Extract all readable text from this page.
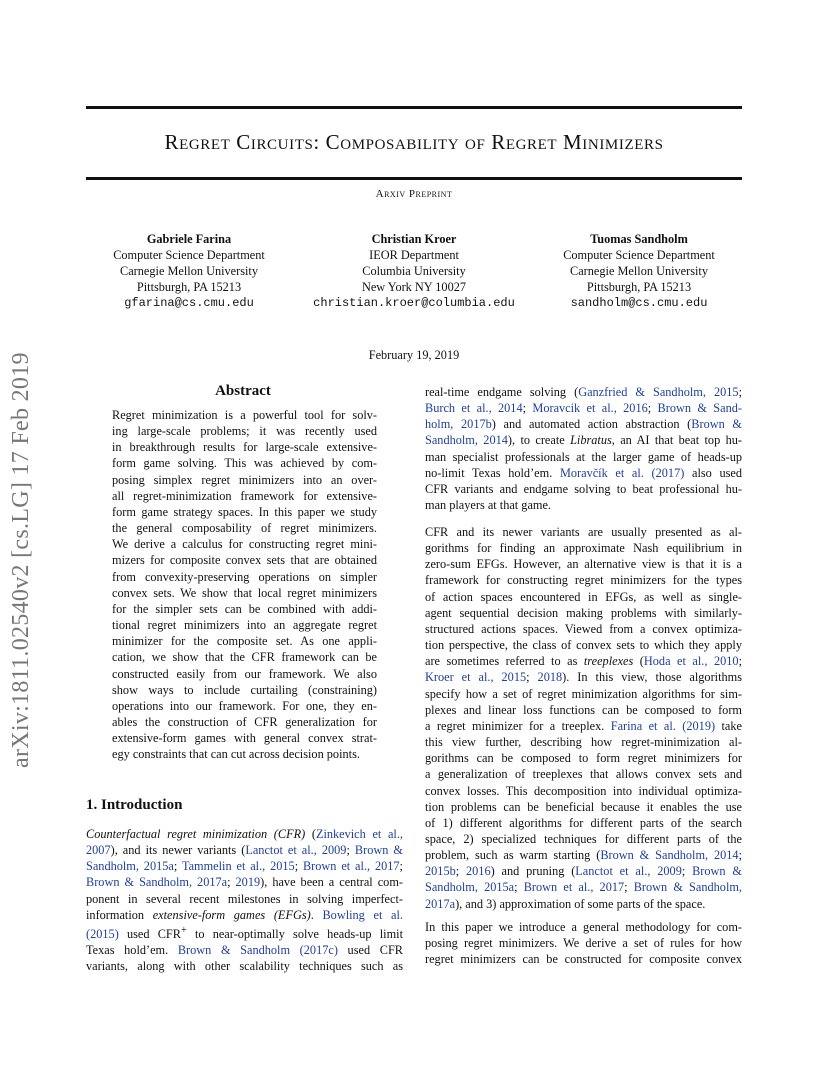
Regret Circuits: Composability of Regret Minimizers
Arxiv Preprint
Gabriele Farina
Computer Science Department
Carnegie Mellon University
Pittsburgh, PA 15213
gfarina@cs.cmu.edu
Christian Kroer
IEOR Department
Columbia University
New York NY 10027
christian.kroer@columbia.edu
Tuomas Sandholm
Computer Science Department
Carnegie Mellon University
Pittsburgh, PA 15213
sandholm@cs.cmu.edu
February 19, 2019
arXiv:1811.02540v2 [cs.LG] 17 Feb 2019	Abstract
Regret minimization is a powerful tool for solv-
ing large-scale problems; it was recently used
in breakthrough results for large-scale extensive-
form game solving. This was achieved by com-
posing simplex regret minimizers into an over-
all regret-minimization framework for extensive-
form game strategy spaces. In this paper we study
the general composability of regret minimizers.
We derive a calculus for constructing regret mini-
mizers for composite convex sets that are obtained
from convexity-preserving operations on simpler
convex sets. We show that local regret minimizers
for the simpler sets can be combined with addi-
tional regret minimizers into an aggregate regret
minimizer for the composite set. As one appli-
cation, we show that the CFR framework can be
constructed easily from our framework. We also
show ways to include curtailing (constraining)
operations into our framework. For one, they en-
ables the construction of CFR generalization for
extensive-form games with general convex strat-
egy constraints that can cut across decision points.
1. Introduction
Counterfactual regret minimization (CFR) (Zinkevich et al.,
2007), and its newer variants (Lanctot et al., 2009; Brown &
Sandholm, 2015a; Tammelin et al., 2015; Brown et al., 2017;
Brown & Sandholm, 2017a; 2019), have been a central com-
ponent in several recent milestones in solving imperfect-
information extensive-form games (EFGs). Bowling et al.
(2015) used CFR+ to near-optimally solve heads-up limit
Texas hold’em. Brown & Sandholm (2017c) used CFR
variants, along with other scalability techniques such as
real-time endgame solving (Ganzfried & Sandholm, 2015;
Burch et al., 2014; Moravcik et al., 2016; Brown & Sand-
holm, 2017b) and automated action abstraction (Brown &
Sandholm, 2014), to create Libratus, an AI that beat top hu-
man specialist professionals at the larger game of heads-up
no-limit Texas hold’em. Moravčík et al. (2017) also used
CFR variants and endgame solving to beat professional hu-
man players at that game.
CFR and its newer variants are usually presented as al-
gorithms for finding an approximate Nash equilibrium in
zero-sum EFGs. However, an alternative view is that it is a
framework for constructing regret minimizers for the types
of action spaces encountered in EFGs, as well as single-
agent sequential decision making problems with similarly-
structured actions spaces. Viewed from a convex optimiza-
tion perspective, the class of convex sets to which they apply
are sometimes referred to as treeplexes (Hoda et al., 2010;
Kroer et al., 2015; 2018). In this view, those algorithms
specify how a set of regret minimization algorithms for sim-
plexes and linear loss functions can be composed to form
a regret minimizer for a treeplex. Farina et al. (2019) take
this view further, describing how regret-minimization al-
gorithms can be composed to form regret minimizers for
a generalization of treeplexes that allows convex sets and
convex losses. This decomposition into individual optimiza-
tion problems can be beneficial because it enables the use
of 1) different algorithms for different parts of the search
space, 2) specialized techniques for different parts of the
problem, such as warm starting (Brown & Sandholm, 2014;
2015b; 2016) and pruning (Lanctot et al., 2009; Brown &
Sandholm, 2015a; Brown et al., 2017; Brown & Sandholm,
2017a), and 3) approximation of some parts of the space.
In this paper we introduce a general methodology for com-
posing regret minimizers. We derive a set of rules for how
regret minimizers can be constructed for composite convex
